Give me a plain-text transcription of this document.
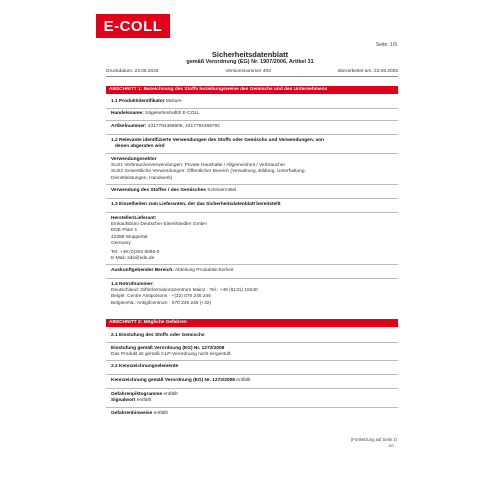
E-COLL
Seite: 1/9
Sicherheitsdatenblatt
gemäß Verordnung (EG) Nr. 1907/2006, Artikel 31
Druckdatum: 23.06.2025	Versionsnummer 403	überarbeitet am: 23.06.2025
ABSCHNITT 1: Bezeichnung des Stoffs beziehungsweise des Gemischs und des Unternehmens
1.1 Produktidentifikator Mixture
Handelsname: Sägekettenhaftöl E-COLL
Artikelnummer: 4317784369805, 4317784369792
1.2 Relevante identifizierte Verwendungen des Stoffs oder Gemischs und Verwendungen, von
denen abgeraten wird
Verwendungssektor
SU21 Verbraucherverwendungen: Private Haushalte / Allgemeinheit / Verbraucher
SU22 Gewerbliche Verwendungen: Öffentlicher Bereich (Verwaltung, Bildung, Unterhaltung,
Dienstleistungen, Handwerk)
Verwendung des Stoffes / des Gemisches Schmiermittel
1.3 Einzelheiten zum Lieferanten, der das Sicherheitsdatenblatt bereitstellt
Hersteller/Lieferant:
Einkaufsbüro Deutscher Eisenhändler GmbH
EDE-Platz 1
42389 Wuppertal
Germany
Tel: +49 (0)202 6096-0
E-Mail: sds@ede.de
Auskunftgebender Bereich: Abteilung Produktsicherheit
1.4 Notrufnummer:
Deutschland: Giftinformationszentrum Mainz · Tel.: +49 (6131) 19240
België: Centre Antipoisons · +(32) 070 245 245
Belgien/NL: Antigifcentrum · 070 245 245 (+32)
ABSCHNITT 2: Mögliche Gefahren
2.1 Einstufung des Stoffs oder Gemischs
Einstufung gemäß Verordnung (EG) Nr. 1272/2008
Das Produkt ist gemäß CLP-Verordnung nicht eingestuft.
2.2 Kennzeichnungselemente
Kennzeichnung gemäß Verordnung (EG) Nr. 1272/2008 entfällt
Gefahrenpiktogramme entfällt
Signalwort entfällt
Gefahrenhinweise entfällt
(Fortsetzung auf Seite 2)
DE
